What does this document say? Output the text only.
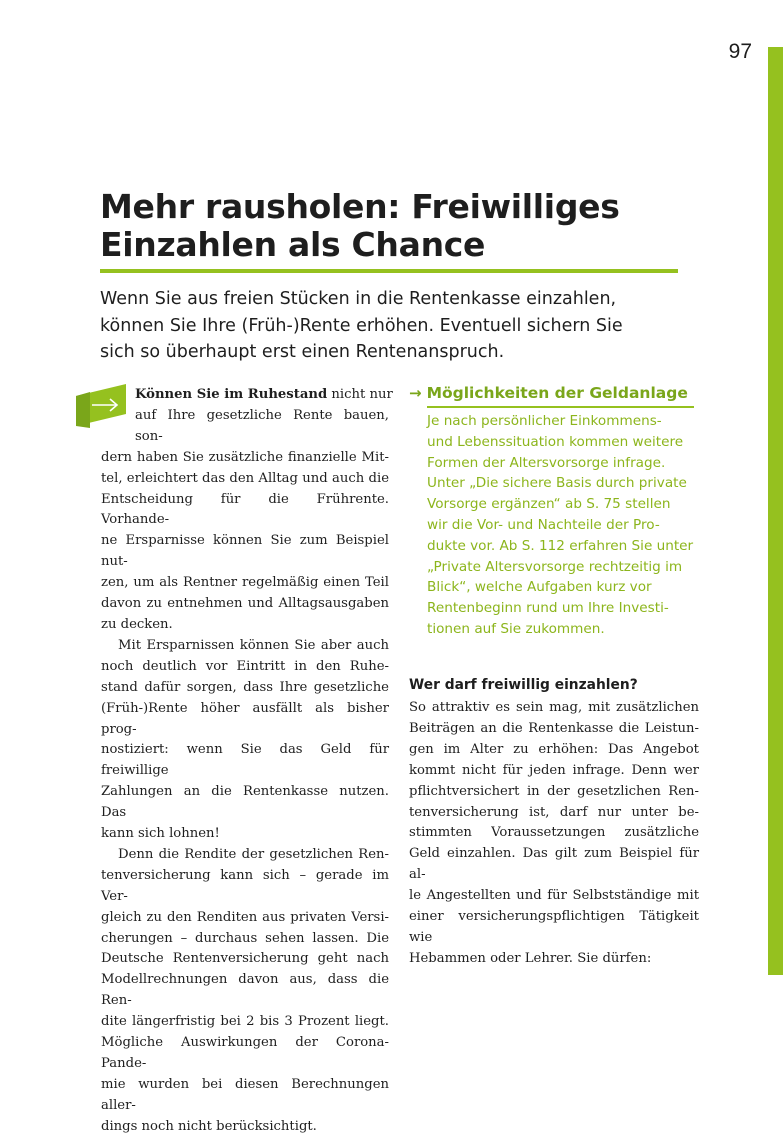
97
Mehr rausholen: Freiwilliges
Einzahlen als Chance

Wenn Sie aus freien Stücken in die Rentenkasse einzahlen,
können Sie Ihre (Früh-)Rente erhöhen. Eventuell sichern Sie
sich so überhaupt erst einen Rentenanspruch.

Können Sie im Ruhestand nicht nur
auf Ihre gesetzliche Rente bauen, son-
dern haben Sie zusätzliche finanzielle Mit-
tel, erleichtert das den Alltag und auch die
Entscheidung für die Frührente. Vorhande-
ne Ersparnisse können Sie zum Beispiel nut-
zen, um als Rentner regelmäßig einen Teil
davon zu entnehmen und Alltagsausgaben
zu decken.
Mit Ersparnissen können Sie aber auch
noch deutlich vor Eintritt in den Ruhe-
stand dafür sorgen, dass Ihre gesetzliche
(Früh-)Rente höher ausfällt als bisher prog-
nostiziert: wenn Sie das Geld für freiwillige
Zahlungen an die Rentenkasse nutzen. Das
kann sich lohnen!
Denn die Rendite der gesetzlichen Ren-
tenversicherung kann sich – gerade im Ver-
gleich zu den Renditen aus privaten Versi-
cherungen – durchaus sehen lassen. Die
Deutsche Rentenversicherung geht nach
Modellrechnungen davon aus, dass die Ren-
dite längerfristig bei 2 bis 3 Prozent liegt.
Mögliche Auswirkungen der Corona-Pande-
mie wurden bei diesen Berechnungen aller-
dings noch nicht berücksichtigt.
→ Möglichkeiten der Geldanlage
Je nach persönlicher Einkommens-
und Lebenssituation kommen weitere
Formen der Altersvorsorge infrage.
Unter „Die sichere Basis durch private
Vorsorge ergänzen“ ab S. 75 stellen
wir die Vor- und Nachteile der Pro-
dukte vor. Ab S. 112 erfahren Sie unter
„Private Altersvorsorge rechtzeitig im
Blick“, welche Aufgaben kurz vor
Rentenbeginn rund um Ihre Investi-
tionen auf Sie zukommen.
Wer darf freiwillig einzahlen?
So attraktiv es sein mag, mit zusätzlichen
Beiträgen an die Rentenkasse die Leistun-
gen im Alter zu erhöhen: Das Angebot
kommt nicht für jeden infrage. Denn wer
pflichtversichert in der gesetzlichen Ren-
tenversicherung ist, darf nur unter be-
stimmten Voraussetzungen zusätzliche
Geld einzahlen. Das gilt zum Beispiel für al-
le Angestellten und für Selbstständige mit
einer versicherungspflichtigen Tätigkeit wie
Hebammen oder Lehrer. Sie dürfen:
